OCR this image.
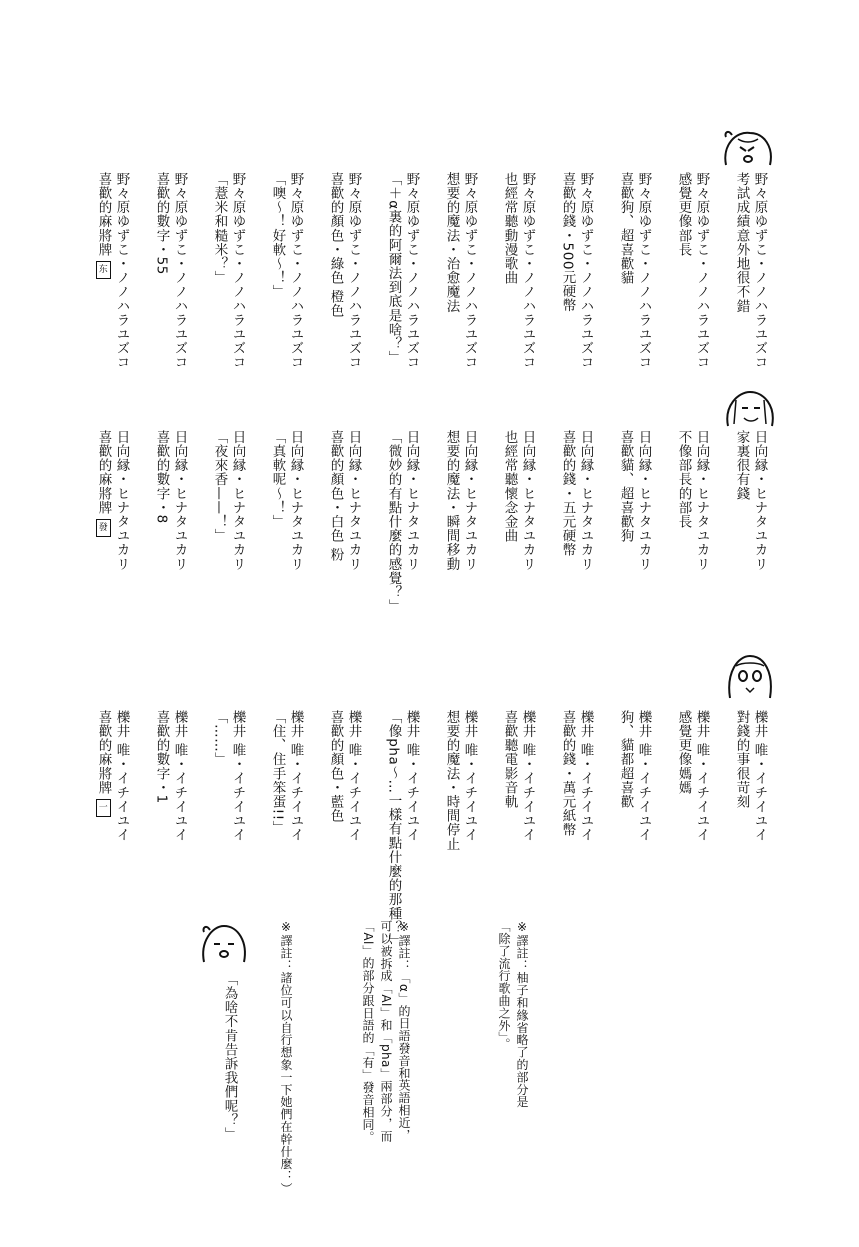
野々原ゆずこ・ノノハラユズコ
考試成績意外地很不錯
野々原ゆずこ・ノノハラユズコ
感覺更像部長
野々原ゆずこ・ノノハラユズコ
喜歡狗、超喜歡貓
野々原ゆずこ・ノノハラユズコ
喜歡的錢・500元硬幣
野々原ゆずこ・ノノハラユズコ
也經常聽動漫歌曲
野々原ゆずこ・ノノハラユズコ
想要的魔法・治愈魔法
野々原ゆずこ・ノノハラユズコ
「＋α裏的阿爾法到底是啥？」
野々原ゆずこ・ノノハラユズコ
喜歡的顏色・綠色 橙色
野々原ゆずこ・ノノハラユズコ
「噢〜！好軟〜！」
野々原ゆずこ・ノノハラユズコ
「薏米和糙米？」
野々原ゆずこ・ノノハラユズコ
喜歡的數字・55
野々原ゆずこ・ノノハラユズコ
喜歡的麻將牌东
日向縁・ヒナタユカリ
家裏很有錢
日向縁・ヒナタユカリ
不像部長的部長
日向縁・ヒナタユカリ
喜歡貓、超喜歡狗
日向縁・ヒナタユカリ
喜歡的錢・五元硬幣
日向縁・ヒナタユカリ
也經常聽懷念金曲
日向縁・ヒナタユカリ
想要的魔法・瞬間移動
日向縁・ヒナタユカリ
「微妙的有點什麼的感覺？」
日向縁・ヒナタユカリ
喜歡的顏色・白色 粉
日向縁・ヒナタユカリ
「真軟呢〜！」
日向縁・ヒナタユカリ
「夜來香——！」
日向縁・ヒナタユカリ
喜歡的數字・8
日向縁・ヒナタユカリ
喜歡的麻將牌發
櫟井 唯・イチイユイ
對錢的事很苛刻
櫟井 唯・イチイユイ
感覺更像媽媽
櫟井 唯・イチイユイ
狗、貓都超喜歡
櫟井 唯・イチイユイ
喜歡的錢・萬元紙幣
櫟井 唯・イチイユイ
喜歡聽電影音軌
櫟井 唯・イチイユイ
想要的魔法・時間停止
櫟井 唯・イチイユイ
「像pha〜…一樣有點什麼的那種？」
櫟井 唯・イチイユイ
喜歡的顏色・藍色
櫟井 唯・イチイユイ
「住、住手笨蛋!!」
櫟井 唯・イチイユイ
「……」
櫟井 唯・イチイユイ
喜歡的數字・1
櫟井 唯・イチイユイ
喜歡的麻將牌一
※譯註：柚子和緣省略了的部分是
「除了流行歌曲之外」。
※譯註：「α」的日語發音和英語相近，
可以被拆成「Al」和「pha」兩部分，而
「Al」的部分跟日語的「有」發音相同。
※譯註：諸位可以自行想象一下她們在幹什麼：）
「為啥不肯告訴我們呢？」
